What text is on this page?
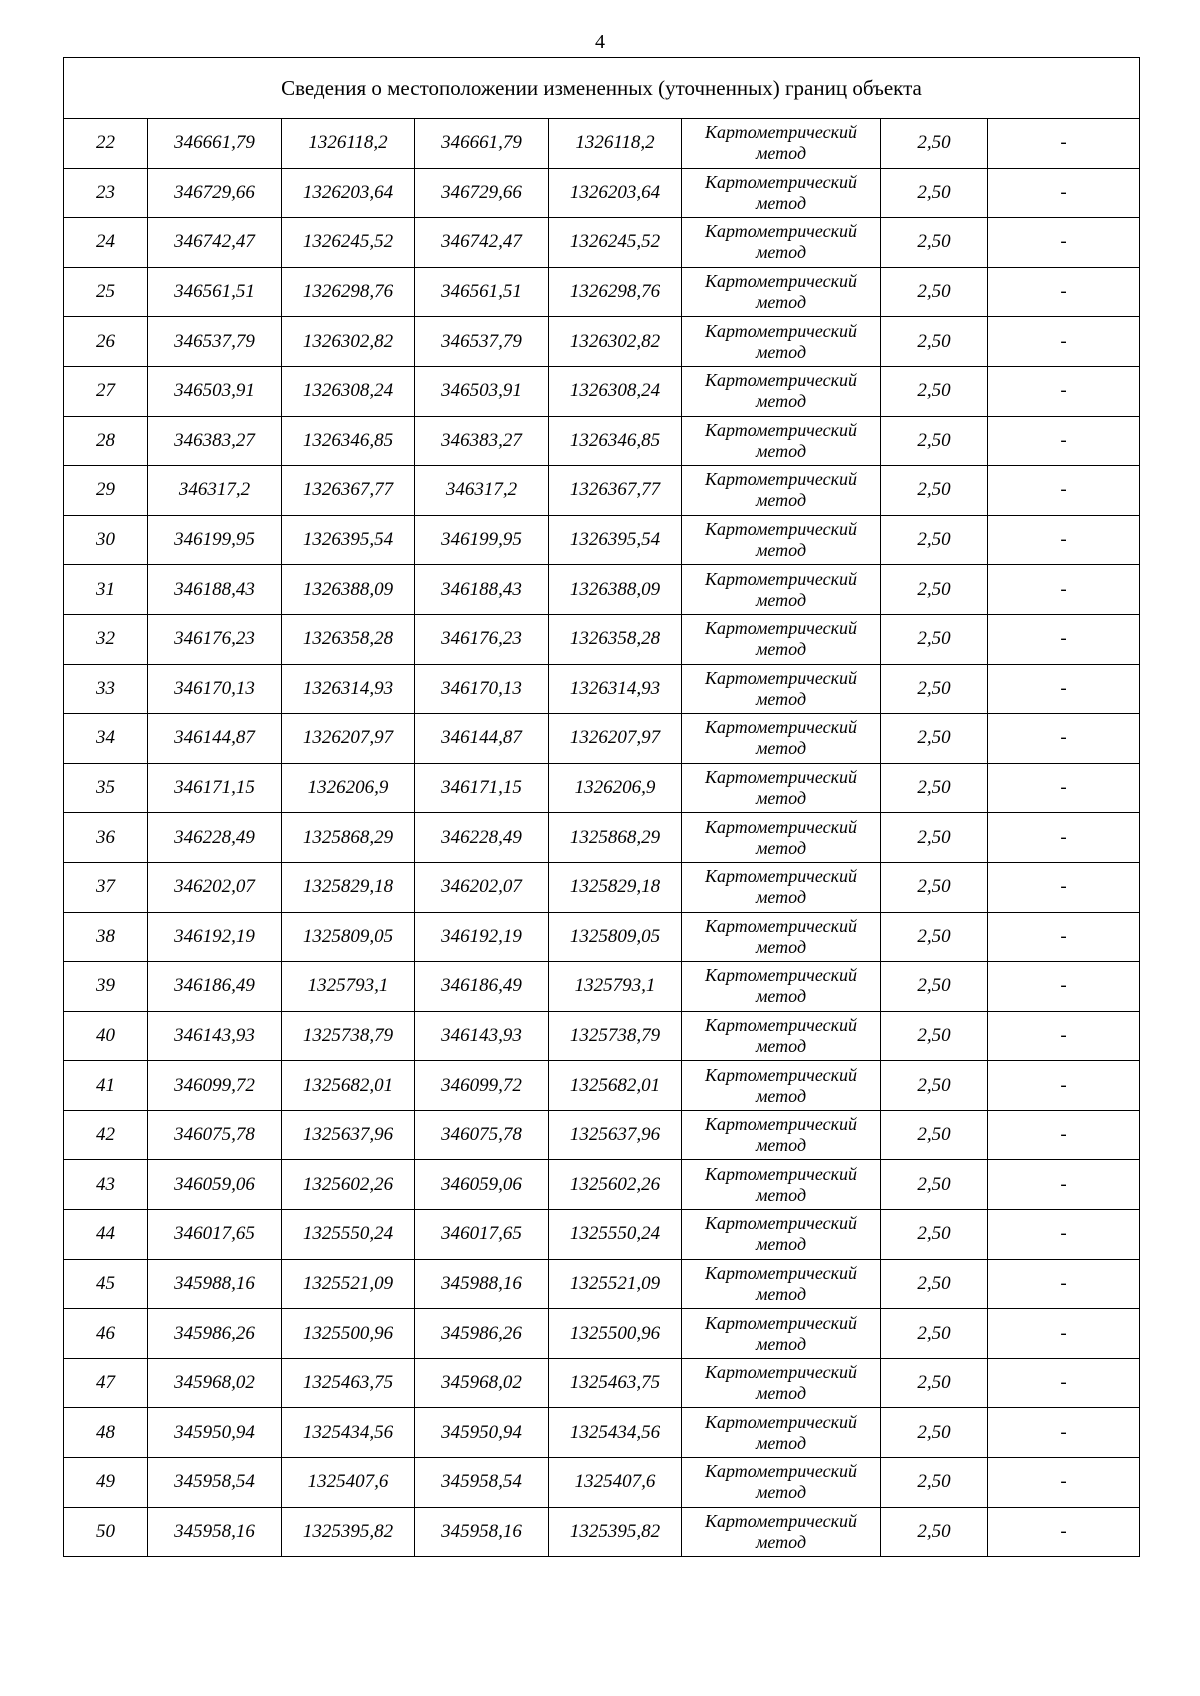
4
Сведения о местоположении измененных (уточненных) границ объекта							
22	346661,79	1326118,2	346661,79	1326118,2	Картометрический метод	2,50	-
23	346729,66	1326203,64	346729,66	1326203,64	Картометрический метод	2,50	-
24	346742,47	1326245,52	346742,47	1326245,52	Картометрический метод	2,50	-
25	346561,51	1326298,76	346561,51	1326298,76	Картометрический метод	2,50	-
26	346537,79	1326302,82	346537,79	1326302,82	Картометрический метод	2,50	-
27	346503,91	1326308,24	346503,91	1326308,24	Картометрический метод	2,50	-
28	346383,27	1326346,85	346383,27	1326346,85	Картометрический метод	2,50	-
29	346317,2	1326367,77	346317,2	1326367,77	Картометрический метод	2,50	-
30	346199,95	1326395,54	346199,95	1326395,54	Картометрический метод	2,50	-
31	346188,43	1326388,09	346188,43	1326388,09	Картометрический метод	2,50	-
32	346176,23	1326358,28	346176,23	1326358,28	Картометрический метод	2,50	-
33	346170,13	1326314,93	346170,13	1326314,93	Картометрический метод	2,50	-
34	346144,87	1326207,97	346144,87	1326207,97	Картометрический метод	2,50	-
35	346171,15	1326206,9	346171,15	1326206,9	Картометрический метод	2,50	-
36	346228,49	1325868,29	346228,49	1325868,29	Картометрический метод	2,50	-
37	346202,07	1325829,18	346202,07	1325829,18	Картометрический метод	2,50	-
38	346192,19	1325809,05	346192,19	1325809,05	Картометрический метод	2,50	-
39	346186,49	1325793,1	346186,49	1325793,1	Картометрический метод	2,50	-
40	346143,93	1325738,79	346143,93	1325738,79	Картометрический метод	2,50	-
41	346099,72	1325682,01	346099,72	1325682,01	Картометрический метод	2,50	-
42	346075,78	1325637,96	346075,78	1325637,96	Картометрический метод	2,50	-
43	346059,06	1325602,26	346059,06	1325602,26	Картометрический метод	2,50	-
44	346017,65	1325550,24	346017,65	1325550,24	Картометрический метод	2,50	-
45	345988,16	1325521,09	345988,16	1325521,09	Картометрический метод	2,50	-
46	345986,26	1325500,96	345986,26	1325500,96	Картометрический метод	2,50	-
47	345968,02	1325463,75	345968,02	1325463,75	Картометрический метод	2,50	-
48	345950,94	1325434,56	345950,94	1325434,56	Картометрический метод	2,50	-
49	345958,54	1325407,6	345958,54	1325407,6	Картометрический метод	2,50	-
50	345958,16	1325395,82	345958,16	1325395,82	Картометрический метод	2,50	-
